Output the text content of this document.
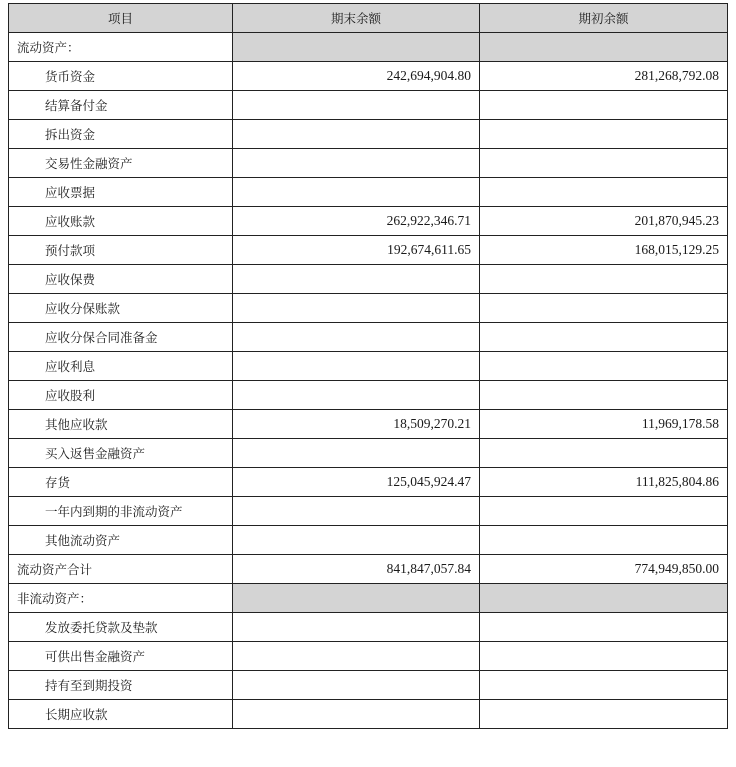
项目	期末余额	期初余额
流动资产：		
货币资金	242,694,904.80	281,268,792.08
结算备付金		
拆出资金		
交易性金融资产		
应收票据		
应收账款	262,922,346.71	201,870,945.23
预付款项	192,674,611.65	168,015,129.25
应收保费		
应收分保账款		
应收分保合同准备金		
应收利息		
应收股利		
其他应收款	18,509,270.21	11,969,178.58
买入返售金融资产		
存货	125,045,924.47	111,825,804.86
一年内到期的非流动资产		
其他流动资产		
流动资产合计	841,847,057.84	774,949,850.00
非流动资产：		
发放委托贷款及垫款		
可供出售金融资产		
持有至到期投资		
长期应收款		
